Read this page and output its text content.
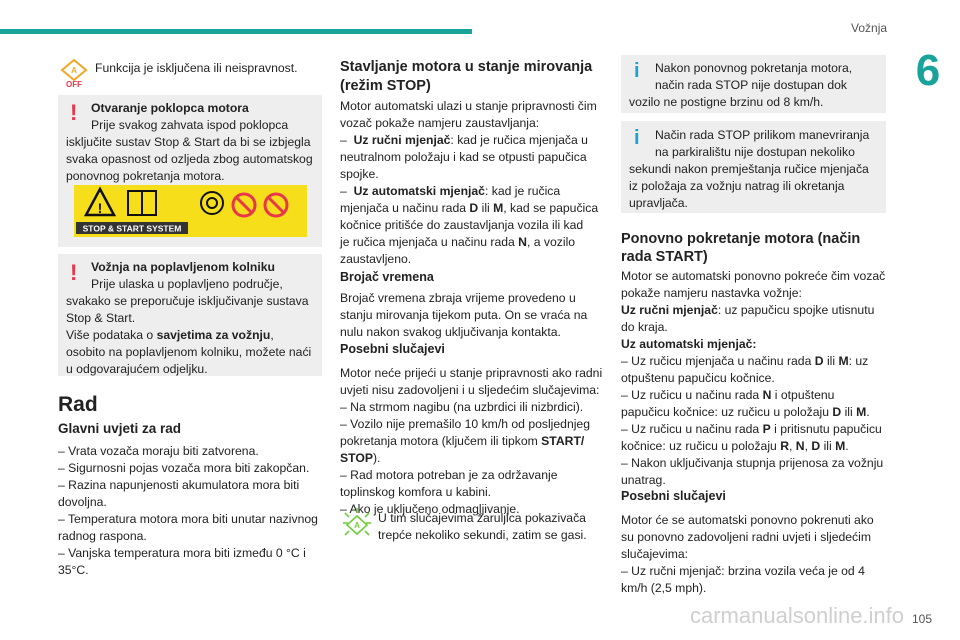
Vožnja
6
A
OFF

Funkcija je isključena ili neispravnost.

! Otvaranje poklopca motora

Prije svakog zahvata ispod poklopca

isključite sustav Stop & Start da bi se izbjegla

svaka opasnost od ozljeda zbog automatskog

ponovnog pokretanja motora.

!
STOP & START SYSTEM
! Vožnja na poplavljenom kolniku

Prije ulaska u poplavljeno područje,

svakako se preporučuje isključivanje sustava

Stop & Start.

Više podataka o savjetima za vožnju,

osobito na poplavljenom kolniku, možete naći

u odgovarajućem odjeljku.

Rad
Glavni uvjeti za rad

– Vrata vozača moraju biti zatvorena.

– Sigurnosni pojas vozača mora biti zakopčan.

– Razina napunjenosti akumulatora mora biti

dovoljna.

– Temperatura motora mora biti unutar nazivnog

radnog raspona.

– Vanjska temperatura mora biti između 0 °C i

35°C.

Stavljanje motora u stanje mirovanja
(režim STOP)

Motor automatski ulazi u stanje pripravnosti čim

vozač pokaže namjeru zaustavljanja:

–  Uz ručni mjenjač: kad je ručica mjenjača u

neutralnom položaju i kad se otpusti papučica

spojke.

–  Uz automatski mjenjač: kad je ručica

mjenjača u načinu rada D ili M, kad se papučica

kočnice pritišće do zaustavljanja vozila ili kad

je ručica mjenjača u načinu rada N, a vozilo

zaustavljeno.

Brojač vremena

Brojač vremena zbraja vrijeme provedeno u

stanju mirovanja tijekom puta. On se vraća na

nulu nakon svakog uključivanja kontakta.

Posebni slučajevi

Motor neće prijeći u stanje pripravnosti ako radni

uvjeti nisu zadovoljeni i u sljedećim slučajevima:

– Na strmom nagibu (na uzbrdici ili nizbrdici).

– Vozilo nije premašilo 10 km/h od posljednjeg

pokretanja motora (ključem ili tipkom START/

STOP).

– Rad motora potreban je za održavanje

toplinskog komfora u kabini.

– Ako je uključeno odmagljivanje.

A

U tim slučajevima žaruljica pokazivača

trepće nekoliko sekundi, zatim se gasi.

i Nakon ponovnog pokretanja motora,

način rada STOP nije dostupan dok

vozilo ne postigne brzinu od 8 km/h.

i Način rada STOP prilikom manevriranja

na parkiralištu nije dostupan nekoliko

sekundi nakon premještanja ručice mjenjača

iz položaja za vožnju natrag ili okretanja

upravljača.

Ponovno pokretanje motora (način
rada START)

Motor se automatski ponovno pokreće čim vozač

pokaže namjeru nastavka vožnje:

Uz ručni mjenjač: uz papučicu spojke utisnutu

do kraja.

Uz automatski mjenjač:

– Uz ručicu mjenjača u načinu rada D ili M: uz

otpuštenu papučicu kočnice.

– Uz ručicu u načinu rada N i otpuštenu

papučicu kočnice: uz ručicu u položaju D ili M.

– Uz ručicu u načinu rada P i pritisnutu papučicu

kočnice: uz ručicu u položaju R, N, D ili M.

– Nakon uključivanja stupnja prijenosa za vožnju

unatrag.

Posebni slučajevi

Motor će se automatski ponovno pokrenuti ako

su ponovno zadovoljeni radni uvjeti i sljedećim

slučajevima:

– Uz ručni mjenjač: brzina vozila veća je od 4

km/h (2,5 mph).

carmanualsonline.info 105
